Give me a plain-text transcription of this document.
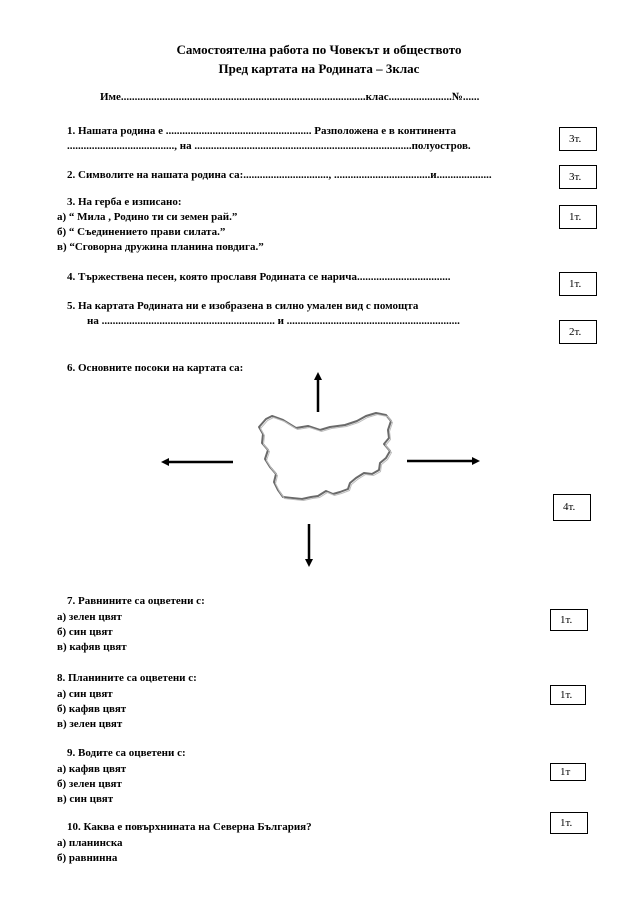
Самостоятелна работа по Човекът и обществото
Пред картата на Родината – 3клас
Име.........................................................................................клас.......................№......
1. Нашата родина е ..................................................... Разположена е в континента
......................................., на ...............................................................................полуостров.
3т.
2. Символите на нашата родина са:..............................., ...................................и....................	3т.
3. На герба е изписано:
а) “ Мила , Родино ти си земен рай.”
б) “ Съединението прави силата.”
в) “Сговорна дружина планина повдига.”
1т.
4. Тържествена песен, която прославя Родината се нарича..................................
1т.
5. На картата Родината ни е изобразена в силно умален вид с помощта
на ............................................................... и ...............................................................
2т.
6. Основните посоки на картата са:
4т.
7. Равнините са оцветени с:
а) зелен цвят
б) син цвят
в) кафяв цвят
1т.
8. Планините са оцветени с:
а) син цвят
б) кафяв цвят
в) зелен цвят
1т.
9. Водите са оцветени с:
а) кафяв цвят
б) зелен цвят
в) син цвят
1т
10. Каква е повърхнината на Северна България?
а) планинска
б) равнинна
1т.
